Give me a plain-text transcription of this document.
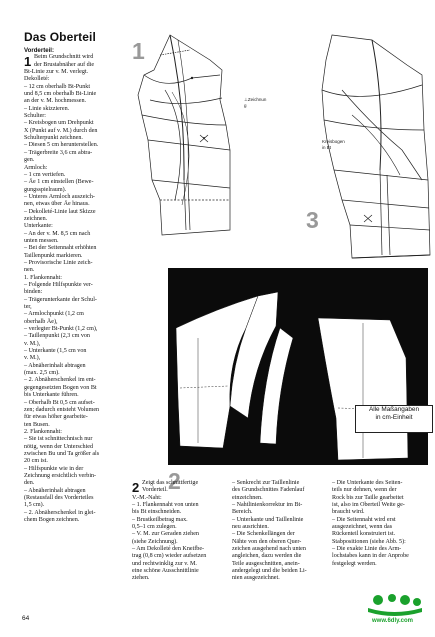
Das Oberteil
Vorderteil:
Beim Grundschnitt wird
der Brustabnäher auf die
Bt-Linie zur v. M. verlegt.
Dekolleté:
– 12 cm oberhalb Bt-Punkt
und 8,5 cm oberhalb Bt-Linie
an der v. M. hochmessen.
– Linie skizzieren.
Schulter:
– Kreisbogen um Drehpunkt
X (Punkt auf v. M.) durch den
Schulterpunkt zeichnen.
– Diesen 5 cm herunterstellen.
– Trägerbreite 3,6 cm abtra-
gen.
Armloch:
– 1 cm vertiefen.
– Äe 1 cm einstellen (Bewe-
gungsspielraum).
– Unteres Armloch auszeich-
nen, etwas über Äe hinaus.
– Dekolleté-Linie laut Skizze
zeichnen.
Unterkante:
– An der v. M. 8,5 cm nach
unten messen.
– Bei der Seitennaht erhöhten
Taillenpunkt markieren.
– Provisorische Linie zeich-
nen.
1. Flankennaht:
– Folgende Hilfspunkte ver-
binden:
– Trägerunterkante der Schul-
ter,
– Armlochpunkt (1,2 cm
oberhalb Äe),
– verlegter Bt-Punkt (1,2 cm),
– Taillenpunkt (2,3 cm von
v. M.),
– Unterkante (1,5 cm von
v. M.),
– Abnäherinhalt abtragen
(max. 2,5 cm).
– 2. Abnäherschenkel im ent-
gegengesetzten Bogen von Bt
bis Unterkante führen.
– Oberhalb Bt 0,5 cm aufset-
zen; dadurch entsteht Volumen
für etwas höher gearbeite-
ten Busen.
2. Flankennaht:
– Sie ist schnittechnisch nur
nötig, wenn der Unterschied
zwischen Bu und Ta größer als
20 cm ist.
– Hilfspunkte wie in der
Zeichnung ersichtlich verbin-
den.
– Abnäherinhalt abtragen
(Restausfall des Vorderteiles
1,5 cm).
– 2. Abnäherschenkel in glei-
chem Bogen zeichnen.
1	1
⊥Zeichnun
g
3
Kreisbogen
in Bt
2
Alle Maßangaben
in cm-Einheit
2 Zeigt das schnittfertige
Vorderteil.
V.-M.-Naht:
– 1. Flankennaht von unten
bis Bt einschneiden.
– Brustkeilbetrag max.
0,5–1 cm zulegen.
– V. M. zur Geraden ziehen
(siehe Zeichnung).
– Am Dekolleté den Kneifbe-
trag (0,8 cm) wieder aufsetzen
und rechtwinklig zur v. M.
eine schöne Ausschnittlinie
ziehen.
– Senkrecht zur Taillenlinie
des Grundschnittes Fadenlauf
einzeichnen.
– Nahtlinienkorrektur im Bt-
Bereich.
– Unterkante und Taillenlinie
neu ausrichten.
– Die Schenkellängen der
Nähte von den oberen Quer-
zeichen ausgehend nach unten
angleichen, dazu werden die
Teile ausgeschnitten, anein-
andergelegt und die beiden Li-
nien ausgezeichnet.
– Die Unterkante des Seiten-
teils nur dehnen, wenn der
Rock bis zur Taille gearbeitet
ist, also im Oberteil Weite ge-
braucht wird.
– Die Seitennaht wird erst
ausgezeichnet, wenn das
Rückenteil konstruiert ist.
Stabpositionen (siehe Abb. 5):
– Die exakte Linie des Arm-
lochstabes kann in der Anprobe
festgelegt werden.
64	www.6dly.com
